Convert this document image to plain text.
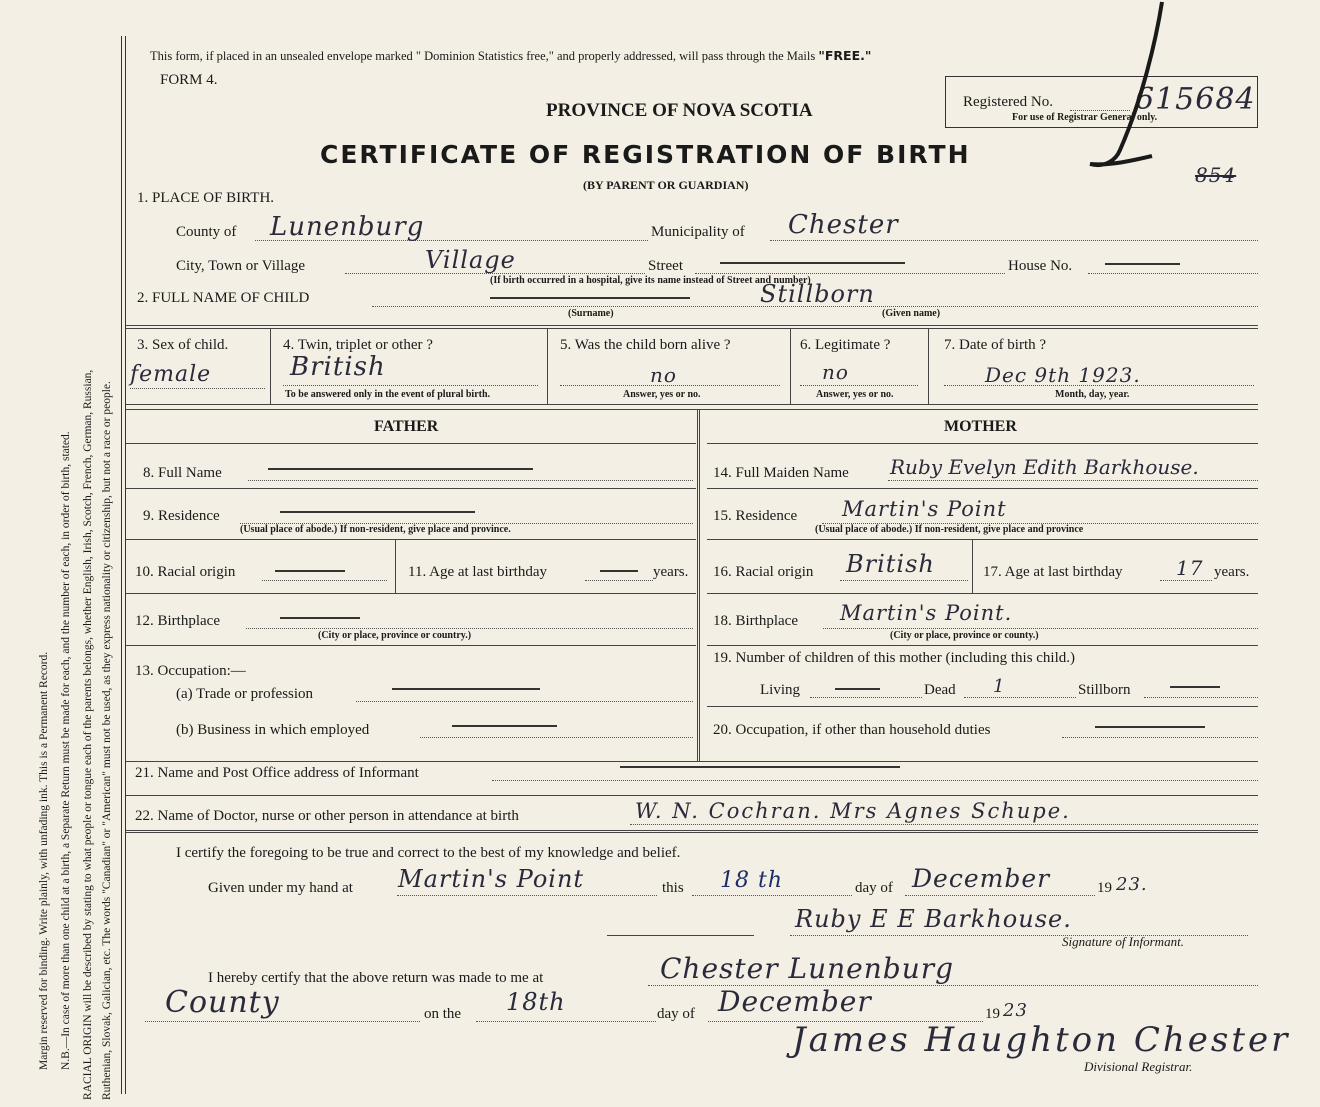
Margin reserved for binding. Write plainly, with unfading ink. This is a Permanent Record. N.B.—In case of more than one child at a birth, a Separate Return must be made for each, and the number of each, in order of birth, stated. RACIAL ORIGIN will be described by stating to what people or tongue each of the parents belongs, whether English, Irish, Scotch, French, German, Russian, Ruthenian, Slovak, Galician, etc. The words "Canadian" or "American" must not be used, as they express nationality or citizenship, but not a race or people.
This form, if placed in an unsealed envelope marked " Dominion Statistics free," and properly addressed, will pass through the Mails "FREE."
FORM 4.
PROVINCE OF NOVA SCOTIA
CERTIFICATE OF REGISTRATION OF BIRTH
(BY PARENT OR GUARDIAN)
Registered No.	615684
For use of Registrar General only.
854
1. PLACE OF BIRTH.
County of Lunenburg	Municipality of Chester
City, Town or Village	Village	Street	House No.
(If birth occurred in a hospital, give its name instead of Street and number)
2. FULL NAME OF CHILD	Stillborn
(Surname)	(Given name)
3. Sex of child.
female
4. Twin, triplet or other ?
British
To be answered only in the event of plural birth.
5. Was the child born alive ?
no
Answer, yes or no.
6. Legitimate ?
no
Answer, yes or no.
7. Date of birth ?
Dec 9th 1923.
Month, day, year.
FATHER	MOTHER
8. Full Name
9. Residence
(Usual place of abode.) If non-resident, give place and province.
10. Racial origin	11. Age at last birthday	years.
12. Birthplace
(City or place, province or country.)
13. Occupation:—
(a) Trade or profession
(b) Business in which employed
14. Full Maiden Name Ruby Evelyn Edith Barkhouse.
15. Residence Martin's Point
(Usual place of abode.) If non-resident, give place and province
16. Racial origin British	17. Age at last birthday	17 years.
18. Birthplace Martin's Point.
(City or place, province or county.)
19. Number of children of this mother (including this child.)
Living	Dead 1	Stillborn
20. Occupation, if other than household duties
21. Name and Post Office address of Informant
22. Name of Doctor, nurse or other person in attendance at birth	W. N. Cochran. Mrs Agnes Schupe.
I certify the foregoing to be true and correct to the best of my knowledge and belief.
Given under my hand at Martin's Point	this 18 th	day of December	19 23.
Ruby E E Barkhouse.
Signature of Informant.
I hereby certify that the above return was made to me at	Chester Lunenburg
County	on the 18th	day of December	19 23
James Haughton Chester
Divisional Registrar.
